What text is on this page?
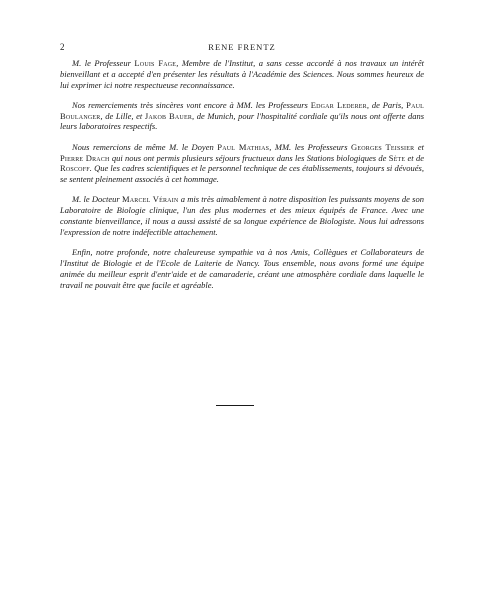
2	RENE FRENTZ

M. le Professeur Louis Fage, Membre de l'Institut, a sans cesse accordé à nos travaux un intérêt bienveillant et a accepté d'en présenter les résultats à l'Académie des Sciences. Nous sommes heureux de lui exprimer ici notre respectueuse reconnaissance.

Nos remerciements très sincères vont encore à MM. les Professeurs Edgar Lederer, de Paris, Paul Boulanger, de Lille, et Jakob Bauer, de Munich, pour l'hospitalité cordiale qu'ils nous ont offerte dans leurs laboratoires respectifs.

Nous remercions de même M. le Doyen Paul Mathias, MM. les Professeurs Georges Teissier et Pierre Drach qui nous ont permis plusieurs séjours fructueux dans les Stations biologiques de Sète et de Roscoff. Que les cadres scientifiques et le personnel technique de ces établissements, toujours si dévoués, se sentent pleinement associés à cet hommage.

M. le Docteur Marcel Vérain a mis très aimablement à notre disposition les puissants moyens de son Laboratoire de Biologie clinique, l'un des plus modernes et des mieux équipés de France. Avec une constante bienveillance, il nous a aussi assisté de sa longue expérience de Biologiste. Nous lui adressons l'expression de notre indéfectible attachement.

Enfin, notre profonde, notre chaleureuse sympathie va à nos Amis, Collègues et Collaborateurs de l'Institut de Biologie et de l'Ecole de Laiterie de Nancy. Tous ensemble, nous avons formé une équipe animée du meilleur esprit d'entr'aide et de camaraderie, créant une atmosphère cordiale dans laquelle le travail ne pouvait être que facile et agréable.
